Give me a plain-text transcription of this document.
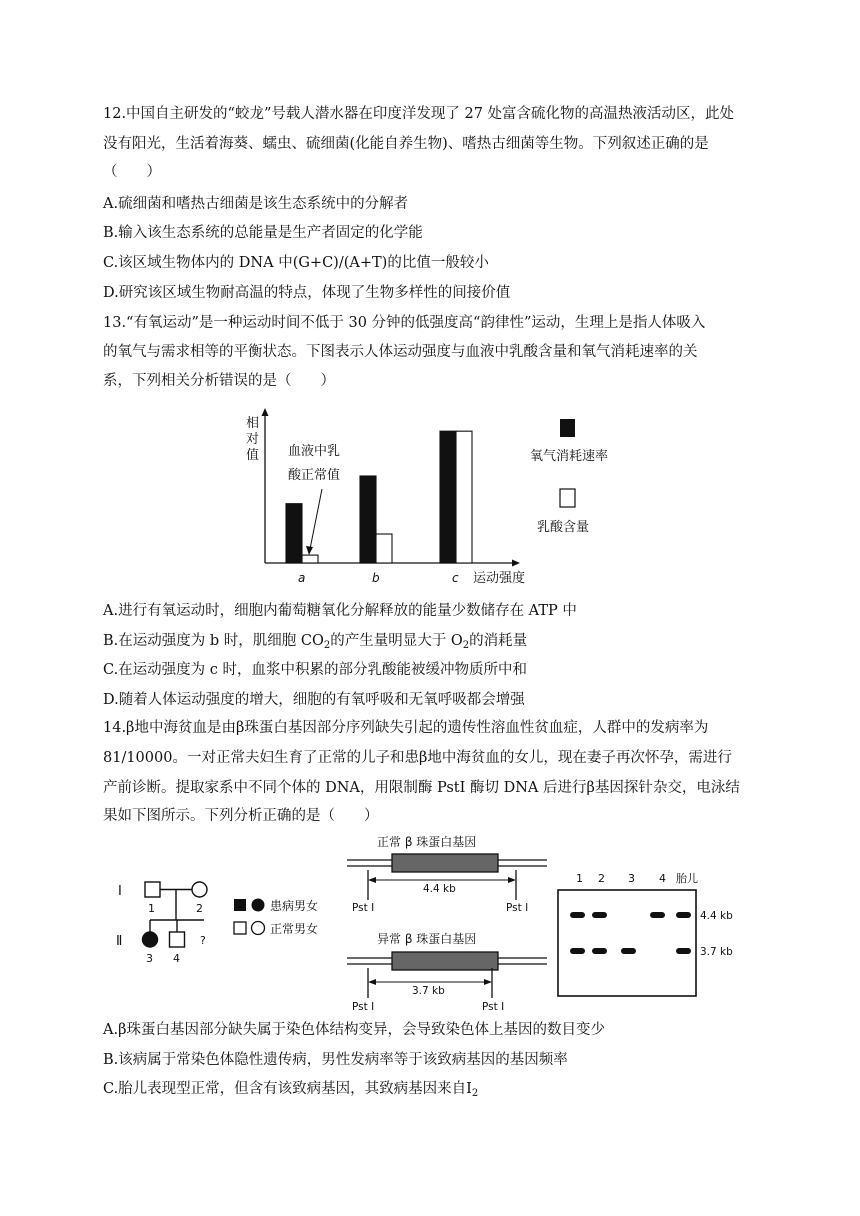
12.中国自主研发的“蛟龙”号载人潜水器在印度洋发现了 27 处富含硫化物的高温热液活动区，此处
没有阳光，生活着海葵、蠕虫、硫细菌(化能自养生物)、嗜热古细菌等生物。下列叙述正确的是
（　　）
A.硫细菌和嗜热古细菌是该生态系统中的分解者
B.输入该生态系统的总能量是生产者固定的化学能
C.该区域生物体内的 DNA 中(G+C)/(A+T)的比值一般较小
D.研究该区域生物耐高温的特点，体现了生物多样性的间接价值
13.“有氧运动”是一种运动时间不低于 30 分钟的低强度高“韵律性”运动，生理上是指人体吸入
的氧气与需求相等的平衡状态。下图表示人体运动强度与血液中乳酸含量和氧气消耗速率的关
系，下列相关分析错误的是（　　）
相
对
值
运动强度
a	b	c
血液中乳
酸正常值
氧气消耗速率
乳酸含量
A.进行有氧运动时，细胞内葡萄糖氧化分解释放的能量少数储存在 ATP 中
B.在运动强度为 b 时，肌细胞 $CO_2$的产生量明显大于 $O_2$的消耗量
C.在运动强度为 c 时，血浆中积累的部分乳酸能被缓冲物质所中和
D.随着人体运动强度的增大，细胞的有氧呼吸和无氧呼吸都会增强
14.β地中海贫血是由β珠蛋白基因部分序列缺失引起的遗传性溶血性贫血症，人群中的发病率为
81/10000。一对正常夫妇生育了正常的儿子和患β地中海贫血的女儿，现在妻子再次怀孕，需进行
产前诊断。提取家系中不同个体的 DNA，用限制酶 PstI 酶切 DNA 后进行β基因探针杂交，电泳结
果如下图所示。下列分析正确的是（　　）
I
Ⅱ
1	2
?
3 4
患病男女
正常男女
正常 β 珠蛋白基因
4.4 kb
Pst I	Pst I
异常 β 珠蛋白基因
3.7 kb
Pst I	Pst I
1 2 3 4 胎儿
4.4 kb
3.7 kb
A.β珠蛋白基因部分缺失属于染色体结构变异，会导致染色体上基因的数目变少
B.该病属于常染色体隐性遗传病，男性发病率等于该致病基因的基因频率
C.胎儿表现型正常，但含有该致病基因，其致病基因来自$I_2$
